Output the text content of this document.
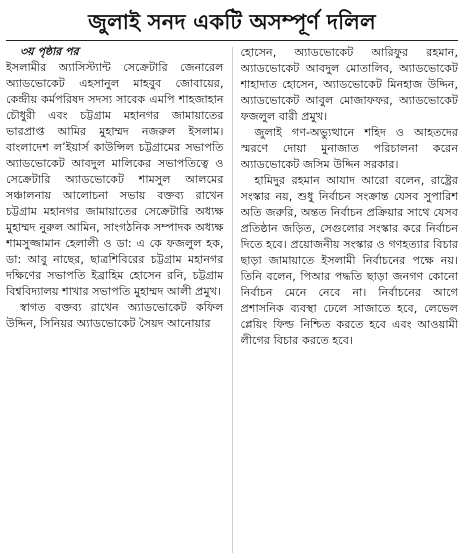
জুলাই সনদ একটি অসম্পূর্ণ দলিল
৩য় পৃষ্ঠার পর

ইসলামীর অ্যাসিস্ট্যান্ট সেক্রেটারি জেনারেল অ্যাডভোকেট এহসানুল মাহবুব জোবায়ের, কেন্দ্রীয় কর্মপরিষদ সদস্য সাবেক এমপি শাহজাহান চৌধুরী এবং চট্টগ্রাম মহানগর জামায়াতের ভারপ্রাপ্ত আমির মুহাম্মদ নজরুল ইসলাম। বাংলাদেশ ল’ইয়ার্স কাউন্সিল চট্টগ্রামের সভাপতি অ্যাডভোকেট আবদুল মালিকের সভাপতিত্বে ও সেক্রেটারি অ্যাডভোকেট শামসুল আলমের সঞ্চালনায় আলোচনা সভায় বক্তব্য রাখেন চট্টগ্রাম মহানগর জামায়াতের সেক্রেটারি অধ্যক্ষ মুহাম্মদ নুরুল আমিন, সাংগঠনিক সম্পাদক অধ্যক্ষ শামসুজ্জামান হেলালী ও ডা: এ কে ফজলুল হক, ডা: আবু নাছের, ছাত্রশিবিরের চট্টগ্রাম মহানগর দক্ষিণের সভাপতি ইব্রাহিম হোসেন রনি, চট্টগ্রাম বিশ্ববিদ্যালয় শাখার সভাপতি মুহাম্মদ আলী প্রমুখ।

স্বাগত বক্তব্য রাখেন অ্যাডভোকেট কফিল উদ্দিন, সিনিয়র অ্যাডভোকেট সৈয়দ আনোয়ার

হোসেন, অ্যাডভোকেট আরিফুর রহমান, অ্যাডভোকেট আবদুল মোতালিব, অ্যাডভোকেট শাহাদাত হোসেন, অ্যাডভোকেট মিনহাজ উদ্দিন, অ্যাডভোকেট আবুল মোজাফফর, অ্যাডভোকেট ফজলুল বারী প্রমুখ।

জুলাই গণ-অভ্যুত্থানে শহিদ ও আহতদের স্মরণে দোয়া মুনাজাত পরিচালনা করেন অ্যাডভোকেট জসিম উদ্দিন সরকার।

হামিদুর রহমান আযাদ আরো বলেন, রাষ্ট্রের সংস্কার নয়, শুধু নির্বাচন সংক্রান্ত যেসব সুপারিশ অতি জরুরি, অন্তত নির্বাচন প্রক্রিয়ার সাথে যেসব প্রতিষ্ঠান জড়িত, সেগুলোর সংস্কার করে নির্বাচন দিতে হবে। প্রয়োজনীয় সংস্কার ও গণহত্যার বিচার ছাড়া জামায়াতে ইসলামী নির্বাচনের পক্ষে নয়। তিনি বলেন, পিআর পদ্ধতি ছাড়া জনগণ কোনো নির্বাচন মেনে নেবে না। নির্বাচনের আগে প্রশাসনিক ব্যবস্থা ঢেলে সাজাতে হবে, লেভেল প্লেয়িং ফিল্ড নিশ্চিত করতে হবে এবং আওয়ামী লীগের বিচার করতে হবে।
